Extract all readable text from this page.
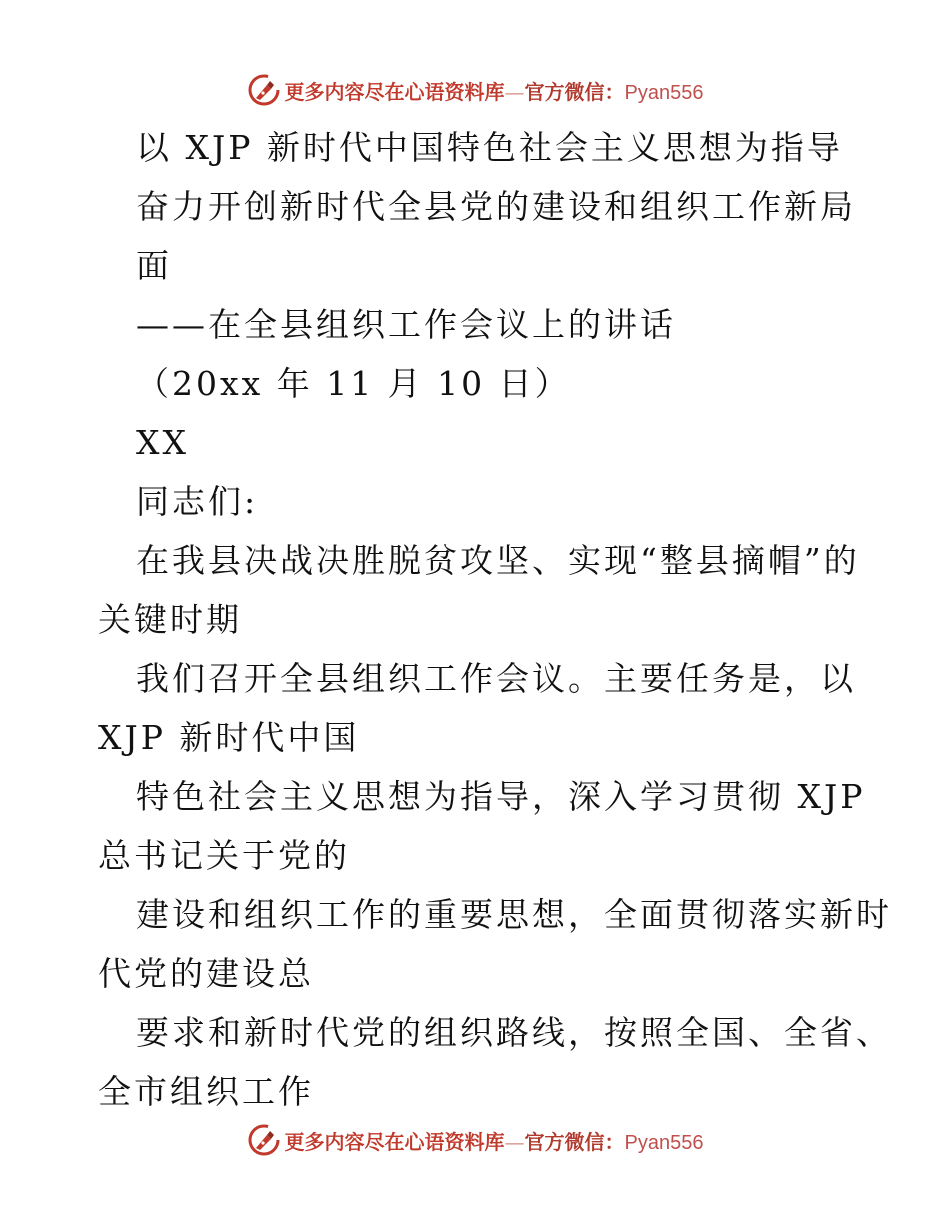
更多内容尽在心语资料库—官方微信：Pyan556
以 XJP 新时代中国特色社会主义思想为指导
奋力开创新时代全县党的建设和组织工作新局
面
——在全县组织工作会议上的讲话
（20xx 年 11 月 10 日）
XX
同志们:
在我县决战决胜脱贫攻坚、实现“整县摘帽”的
关键时期
我们召开全县组织工作会议。主要任务是，以
XJP 新时代中国
特色社会主义思想为指导，深入学习贯彻 XJP
总书记关于党的
建设和组织工作的重要思想，全面贯彻落实新时
代党的建设总
要求和新时代党的组织路线，按照全国、全省、
全市组织工作
更多内容尽在心语资料库—官方微信：Pyan556
